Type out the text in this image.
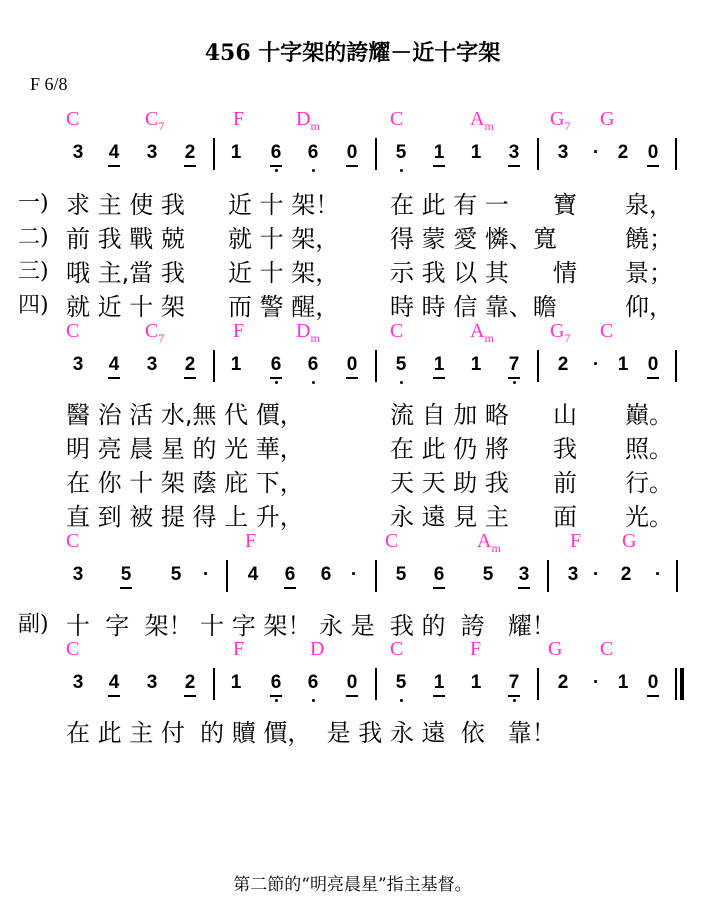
456 十字架的誇耀－近十字架
F 6/8
C	$C_7$	F	$D_m$	C	$A_m$	$G_7$ G
3 4 3 2 1 6 6 0 5 1 1 3 3 · 2 0
C	$C_7$	F	$D_m$	C	$A_m$	$G_7$ C
3 4 3 2 1 6 6 0 5 1 1 7 2 · 1 0
C	F	C	$A_m$	F G
3 5 5 · 4 6 6 · 5 6 5 3 3 · 2 ·
C	F	D	C	F	G C
3 4 3 2 1 6 6 0 5 1 1 7 2 · 1 0
一)
二)
三)
四)
求 主 使 我 近 十 架！ 在 此 有 一 寶 泉，
前 我 戰 兢 就 十 架， 得 蒙 愛 憐、寬	饒；
哦 主,當 我 近 十 架， 示 我 以 其 情 景；
就 近 十 架 而 警 醒， 時 時 信 靠、瞻	仰，
醫 治 活 水,無 代 價，	流 自 加 略 山 巔。
明 亮 晨 星 的 光 華，	在 此 仍 將 我 照。
在 你 十 架 蔭 庇 下，	天 天 助 我 前 行。
直 到 被 提 得 上 升，	永 遠 見 主 面 光。
副) 十  字  架！ 十 字 架！ 永 是  我 的  誇   耀！
在 此 主 付  的 贖 價，  是 我 永 遠  依   靠！
第二節的“明亮晨星”指主基督。
